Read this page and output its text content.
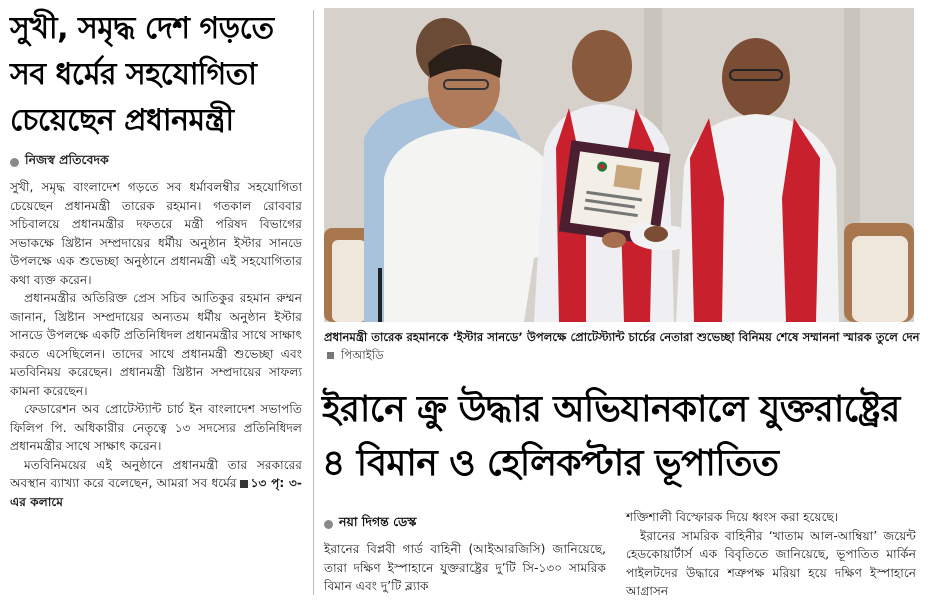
সুখী, সমৃদ্ধ দেশ গড়তে সব ধর্মের সহযোগিতা চেয়েছেন প্রধানমন্ত্রী
নিজস্ব প্রতিবেদক

সুখী, সমৃদ্ধ বাংলাদেশ গড়তে সব ধর্মাবলম্বীর সহযোগিতা চেয়েছেন প্রধানমন্ত্রী তারেক রহমান। গতকাল রোববার সচিবালয়ে প্রধানমন্ত্রীর দফতরে মন্ত্রী পরিষদ বিভাগের সভাকক্ষে খ্রিষ্টান সম্প্রদায়ের ধর্মীয় অনুষ্ঠান ইস্টার সানডে উপলক্ষে এক শুভেচ্ছা অনুষ্ঠানে প্রধানমন্ত্রী এই সহযোগিতার কথা ব্যক্ত করেন।

প্রধানমন্ত্রীর অতিরিক্ত প্রেস সচিব আতিকুর রহমান রুম্মন জানান, খ্রিষ্টান সম্প্রদায়ের অন্যতম ধর্মীয় অনুষ্ঠান ইস্টার সানডে উপলক্ষে একটি প্রতিনিধিদল প্রধানমন্ত্রীর সাথে সাক্ষাৎ করতে এসেছিলেন। তাদের সাথে প্রধানমন্ত্রী শুভেচ্ছা এবং মতবিনিময় করেছেন। প্রধানমন্ত্রী খ্রিষ্টান সম্প্রদায়ের সাফল্য কামনা করেছেন।

ফেডারেশন অব প্রোটেস্ট্যান্ট চার্চ ইন বাংলাদেশ সভাপতি ফিলিপ পি. অধিকারীর নেতৃত্বে ১৩ সদস্যের প্রতিনিধিদল প্রধানমন্ত্রীর সাথে সাক্ষাৎ করেন।

মতবিনিময়ের এই অনুষ্ঠানে প্রধানমন্ত্রী তার সরকারের অবস্থান ব্যাখ্যা করে বলেছেন, আমরা সব ধর্মের ১৩ পৃ: ৩-এর কলামে

প্রধানমন্ত্রী তারেক রহমানকে ‘ইস্টার সানডে’ উপলক্ষে প্রোটেস্ট্যান্ট চার্চের নেতারা শুভেচ্ছা বিনিময় শেষে সম্মাননা স্মারক তুলে দেন  পিআইডি
ইরানে ক্রু উদ্ধার অভিযানকালে যুক্তরাষ্ট্রের ৪ বিমান ও হেলিকপ্টার ভূপাতিত
নয়া দিগন্ত ডেস্ক
ইরানের বিপ্লবী গার্ড বাহিনী (আইআরজিসি) জানিয়েছে, তারা দক্ষিণ ইস্পাহানে যুক্তরাষ্ট্রের দু’টি সি-১৩০ সামরিক বিমান এবং দু’টি ব্ল্যাক

শক্তিশালী বিস্ফোরক দিয়ে ধ্বংস করা হয়েছে।

ইরানের সামরিক বাহিনীর ‘খাতাম আল-আম্বিয়া’ জয়েন্ট হেডকোয়ার্টার্স এক বিবৃতিতে জানিয়েছে, ভূপাতিত মার্কিন পাইলটদের উদ্ধারে শত্রুপক্ষ মরিয়া হয়ে দক্ষিণ ইস্পাহানে আগ্রাসন
